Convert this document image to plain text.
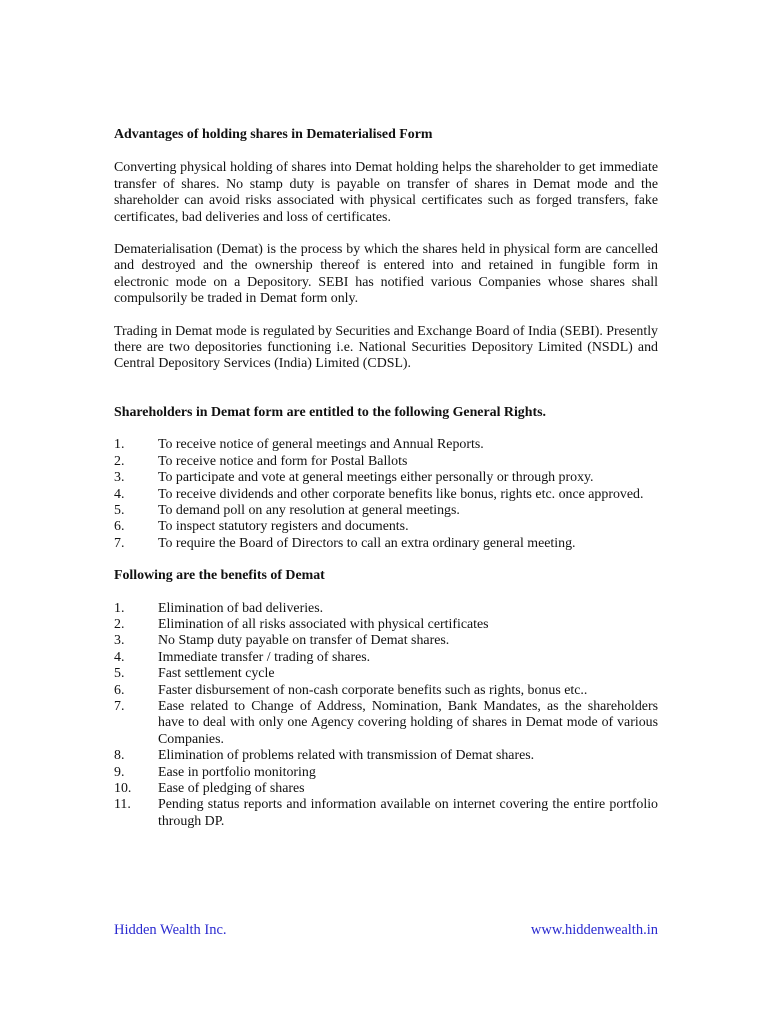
Advantages of holding shares in Dematerialised Form

Converting physical holding of shares into Demat holding helps the shareholder to get immediate transfer of shares. No stamp duty is payable on transfer of shares in Demat mode and the shareholder can avoid risks associated with physical certificates such as forged transfers, fake certificates, bad deliveries and loss of certificates.

Dematerialisation (Demat) is the process by which the shares held in physical form are cancelled and destroyed and the ownership thereof is entered into and retained in fungible form in electronic mode on a Depository. SEBI has notified various Companies whose shares shall compulsorily be traded in Demat form only.

Trading in Demat mode is regulated by Securities and Exchange Board of India (SEBI). Presently there are two depositories functioning i.e. National Securities Depository Limited (NSDL) and Central Depository Services (India) Limited (CDSL).

Shareholders in Demat form are entitled to the following General Rights.

1.	To receive notice of general meetings and Annual Reports.
2.	To receive notice and form for Postal Ballots
3.	To participate and vote at general meetings either personally or through proxy.
4.	To receive dividends and other corporate benefits like bonus, rights etc. once approved.
5.	To demand poll on any resolution at general meetings.
6.	To inspect statutory registers and documents.
7.	To require the Board of Directors to call an extra ordinary general meeting.

Following are the benefits of Demat

1.	Elimination of bad deliveries.
2.	Elimination of all risks associated with physical certificates
3.	No Stamp duty payable on transfer of Demat shares.
4.	Immediate transfer / trading of shares.
5.	Fast settlement cycle
6.	Faster disbursement of non-cash corporate benefits such as rights, bonus etc..
7.	Ease related to Change of Address, Nomination, Bank Mandates, as the shareholders have to deal with only one Agency covering holding of shares in Demat mode of various Companies.
8.	Elimination of problems related with transmission of Demat shares.
9.	Ease in portfolio monitoring
10.	Ease of pledging of shares
11.	Pending status reports and information available on internet covering the entire portfolio through DP.
Hidden Wealth Inc.	www.hiddenwealth.in
